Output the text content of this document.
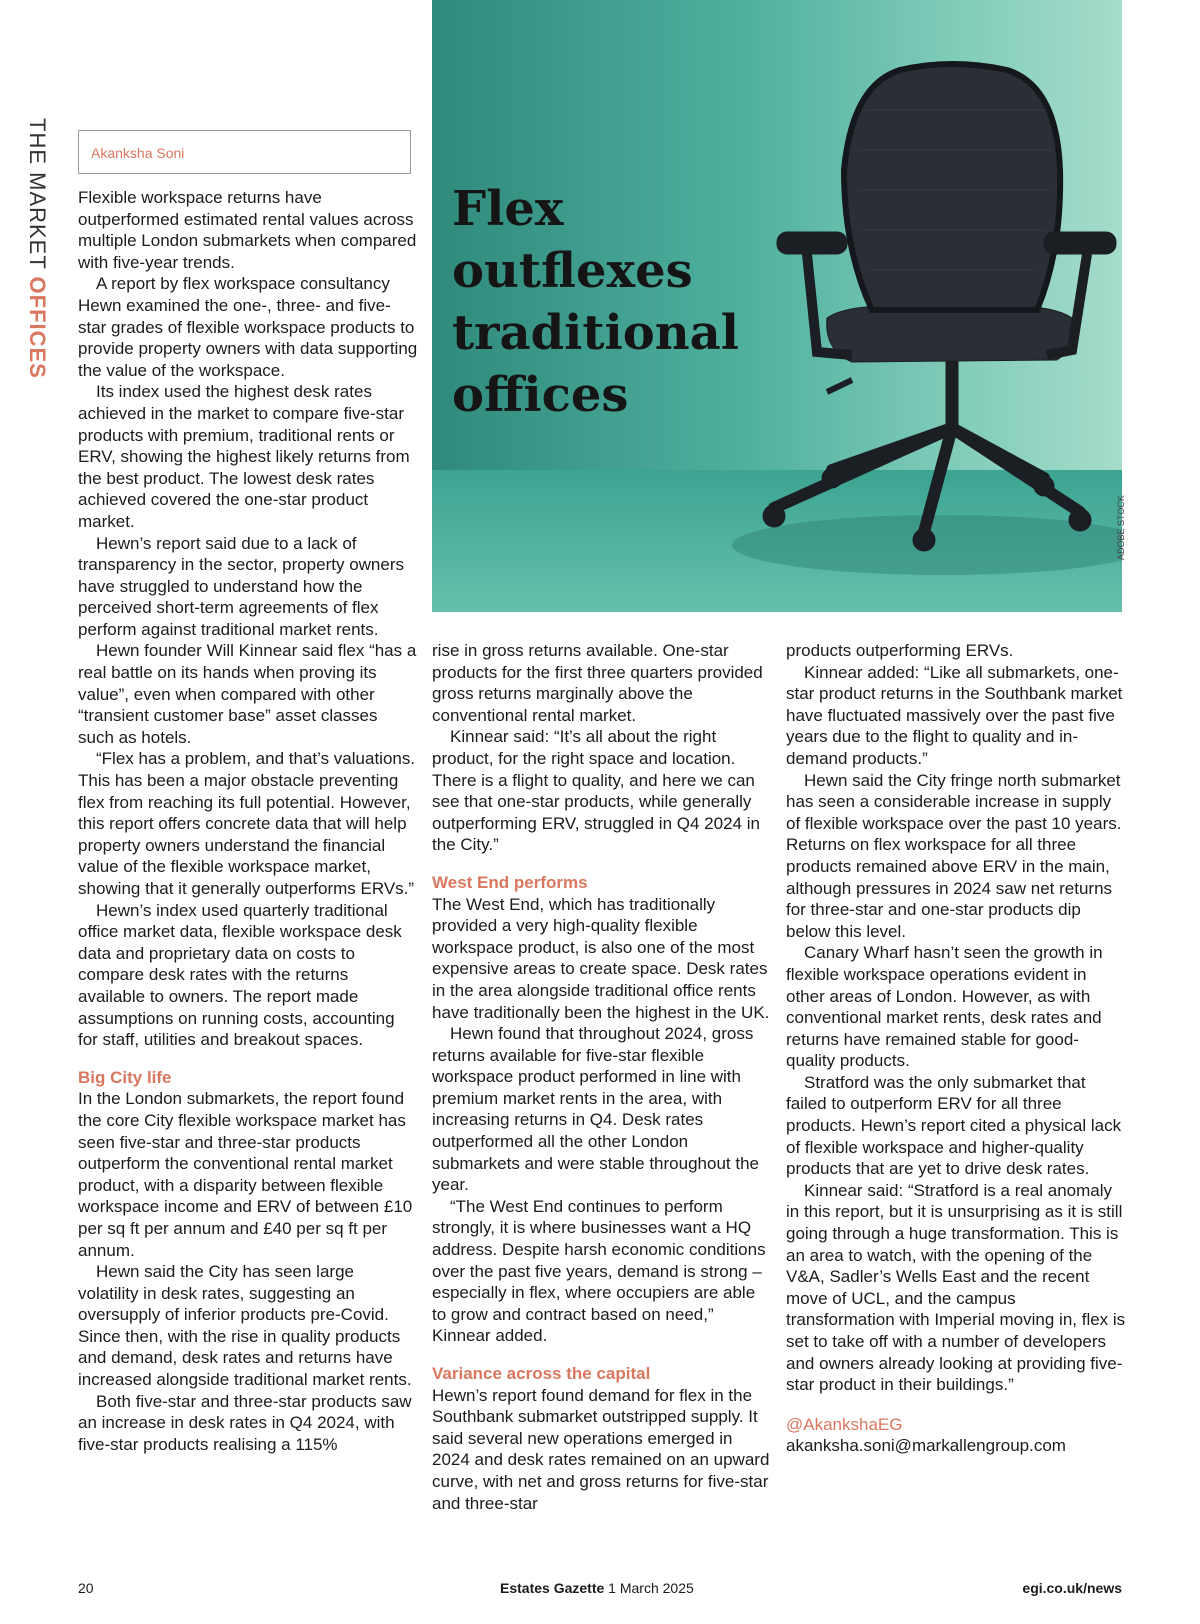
THE MARKET OFFICES
Akanksha Soni
Flex outflexes traditional offices
ADOBE STOCK

Flexible workspace returns have outperformed estimated rental values across multiple London submarkets when compared with five-year trends.

A report by flex workspace consultancy Hewn examined the one-, three- and five-star grades of flexible workspace products to provide property owners with data supporting the value of the workspace.

Its index used the highest desk rates achieved in the market to compare five-star products with premium, traditional rents or ERV, showing the highest likely returns from the best product. The lowest desk rates achieved covered the one-star product market.

Hewn’s report said due to a lack of transparency in the sector, property owners have struggled to understand how the perceived short-term agreements of flex perform against traditional market rents.

Hewn founder Will Kinnear said flex “has a real battle on its hands when proving its value”, even when compared with other “transient customer base” asset classes such as hotels.

“Flex has a problem, and that’s valuations. This has been a major obstacle preventing flex from reaching its full potential. However, this report offers concrete data that will help property owners understand the financial value of the flexible workspace market, showing that it generally outperforms ERVs.”

Hewn’s index used quarterly traditional office market data, flexible workspace desk data and proprietary data on costs to compare desk rates with the returns available to owners. The report made assumptions on running costs, accounting for staff, utilities and breakout spaces.

Big City life

In the London submarkets, the report found the core City flexible workspace market has seen five-star and three-star products outperform the conventional rental market product, with a disparity between flexible workspace income and ERV of between £10 per sq ft per annum and £40 per sq ft per annum.

Hewn said the City has seen large volatility in desk rates, suggesting an oversupply of inferior products pre-Covid. Since then, with the rise in quality products and demand, desk rates and returns have increased alongside traditional market rents.

Both five-star and three-star products saw an increase in desk rates in Q4 2024, with five-star products realising a 115%

rise in gross returns available. One-star products for the first three quarters provided gross returns marginally above the conventional rental market.

Kinnear said: “It’s all about the right product, for the right space and location. There is a flight to quality, and here we can see that one-star products, while generally outperforming ERV, struggled in Q4 2024 in the City.”

West End performs

The West End, which has traditionally provided a very high-quality flexible workspace product, is also one of the most expensive areas to create space. Desk rates in the area alongside traditional office rents have traditionally been the highest in the UK.

Hewn found that throughout 2024, gross returns available for five-star flexible workspace product performed in line with premium market rents in the area, with increasing returns in Q4. Desk rates outperformed all the other London submarkets and were stable throughout the year.

“The West End continues to perform strongly, it is where businesses want a HQ address. Despite harsh economic conditions over the past five years, demand is strong – especially in flex, where occupiers are able to grow and contract based on need,” Kinnear added.

Variance across the capital

Hewn’s report found demand for flex in the Southbank submarket outstripped supply. It said several new operations emerged in 2024 and desk rates remained on an upward curve, with net and gross returns for five-star and three-star

products outperforming ERVs.

Kinnear added: “Like all submarkets, one-star product returns in the Southbank market have fluctuated massively over the past five years due to the flight to quality and in-demand products.”

Hewn said the City fringe north submarket has seen a considerable increase in supply of flexible workspace over the past 10 years. Returns on flex workspace for all three products remained above ERV in the main, although pressures in 2024 saw net returns for three-star and one-star products dip below this level.

Canary Wharf hasn’t seen the growth in flexible workspace operations evident in other areas of London. However, as with conventional market rents, desk rates and returns have remained stable for good-quality products.

Stratford was the only submarket that failed to outperform ERV for all three products. Hewn’s report cited a physical lack of flexible workspace and higher-quality products that are yet to drive desk rates.

Kinnear said: “Stratford is a real anomaly in this report, but it is unsurprising as it is still going through a huge transformation. This is an area to watch, with the opening of the V&A, Sadler’s Wells East and the recent move of UCL, and the campus transformation with Imperial moving in, flex is set to take off with a number of developers and owners already looking at providing five-star product in their buildings.”

@AkankshaEG
akanksha.soni@markallengroup.com
20	Estates Gazette 1 March 2025	egi.co.uk/news
